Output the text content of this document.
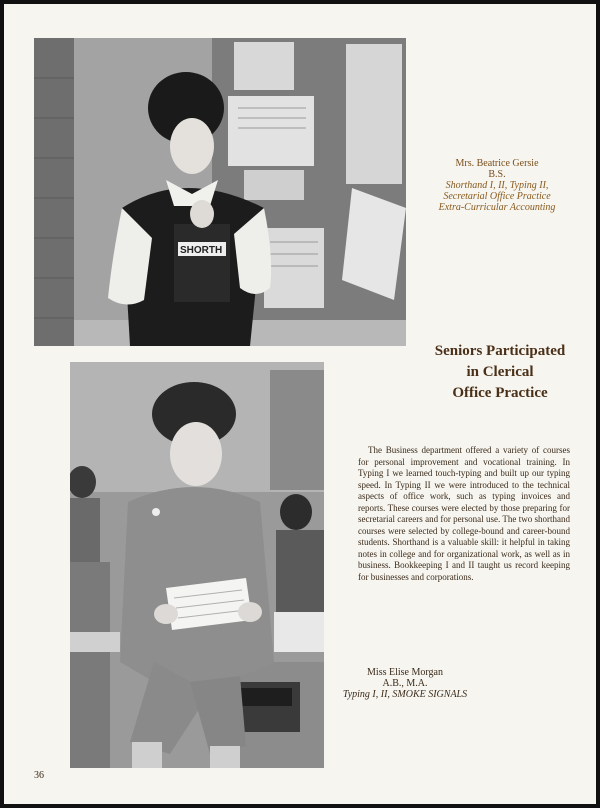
SHORTH
Mrs. Beatrice Gersie
B.S.
Shorthand I, II, Typing II,
Secretarial Office Practice
Extra-Curricular Accounting
Seniors Participated
in Clerical
Office Practice

The Business department offered a variety of courses for personal improvement and vocational training. In Typing I we learned touch-typing and built up our typing speed. In Typing II we were introduced to the technical aspects of office work, such as typing invoices and reports. These courses were elected by those preparing for secretarial careers and for personal use. The two shorthand courses were selected by college-bound and career-bound students. Shorthand is a valuable skill: it helpful in taking notes in college and for organizational work, as well as in business. Bookkeeping I and II taught us record keeping for businesses and corporations.

Miss Elise Morgan
A.B., M.A.
Typing I, II, SMOKE SIGNALS
36
